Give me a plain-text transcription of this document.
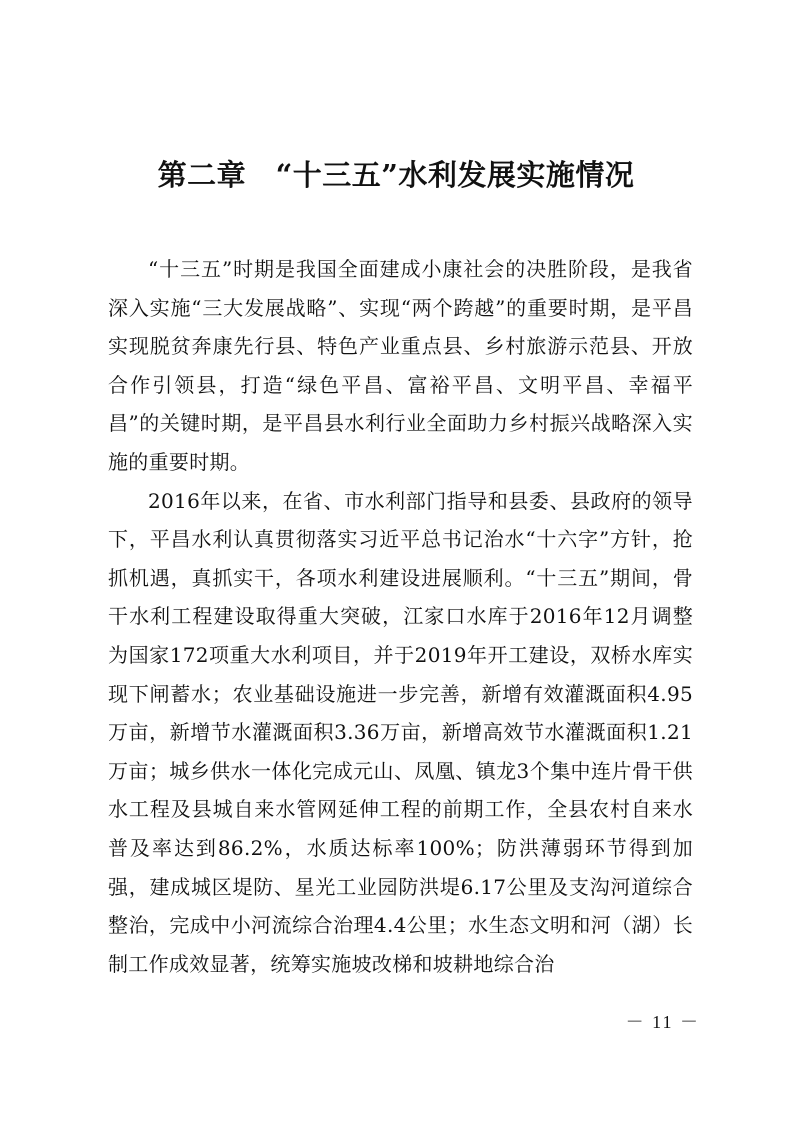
第二章　“十三五”水利发展实施情况

“十三五”时期是我国全面建成小康社会的决胜阶段，是我省深入实施“三大发展战略”、实现“两个跨越”的重要时期，是平昌实现脱贫奔康先行县、特色产业重点县、乡村旅游示范县、开放合作引领县，打造“绿色平昌、富裕平昌、文明平昌、幸福平昌”的关键时期，是平昌县水利行业全面助力乡村振兴战略深入实施的重要时期。

2016年以来，在省、市水利部门指导和县委、县政府的领导下，平昌水利认真贯彻落实习近平总书记治水“十六字”方针，抢抓机遇，真抓实干，各项水利建设进展顺利。“十三五”期间，骨干水利工程建设取得重大突破，江家口水库于2016年12月调整为国家172项重大水利项目，并于2019年开工建设，双桥水库实现下闸蓄水；农业基础设施进一步完善，新增有效灌溉面积4.95万亩，新增节水灌溉面积3.36万亩，新增高效节水灌溉面积1.21万亩；城乡供水一体化完成元山、凤凰、镇龙3个集中连片骨干供水工程及县城自来水管网延伸工程的前期工作，全县农村自来水普及率达到86.2%，水质达标率100%；防洪薄弱环节得到加强，建成城区堤防、星光工业园防洪堤6.17公里及支沟河道综合整治，完成中小河流综合治理4.4公里；水生态文明和河（湖）长制工作成效显著，统筹实施坡改梯和坡耕地综合治

－ 11 －
